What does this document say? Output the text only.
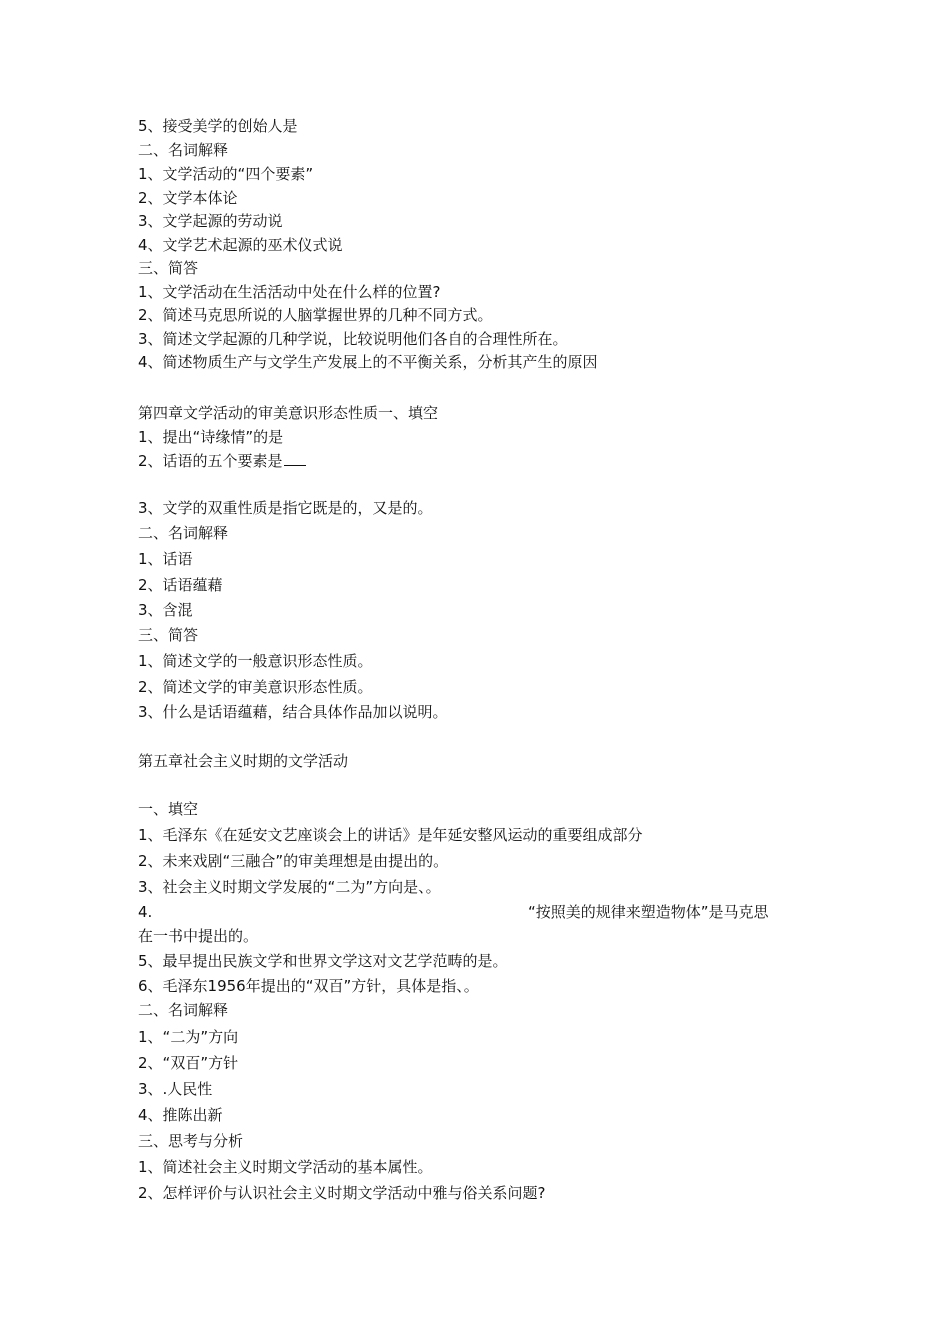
5、接受美学的创始人是

二、名词解释

1、文学活动的“四个要素”

2、文学本体论

3、文学起源的劳动说

4、文学艺术起源的巫术仪式说

三、简答

1、文学活动在生活活动中处在什么样的位置?

2、简述马克思所说的人脑掌握世界的几种不同方式。

3、简述文学起源的几种学说，比较说明他们各自的合理性所在。

4、简述物质生产与文学生产发展上的不平衡关系，分析其产生的原因

第四章文学活动的审美意识形态性质一、填空

1、提出“诗缘情”的是

2、话语的五个要素是

3、文学的双重性质是指它既是的，又是的。

二、名词解释

1、话语

2、话语蕴藉

3、含混

三、简答

1、简述文学的一般意识形态性质。

2、简述文学的审美意识形态性质。

3、什么是话语蕴藉，结合具体作品加以说明。

第五章社会主义时期的文学活动

一、填空

1、毛泽东《在延安文艺座谈会上的讲话》是年延安整风运动的重要组成部分

2、未来戏剧“三融合”的审美理想是由提出的。

3、社会主义时期文学发展的“二为”方向是、。

4.	“按照美的规律来塑造物体”是马克思

在一书中提出的。

5、最早提出民族文学和世界文学这对文艺学范畴的是。

6、毛泽东1956年提出的“双百”方针，具体是指、。

二、名词解释

1、“二为”方向

2、“双百”方针

3、.人民性

4、推陈出新

三、思考与分析

1、简述社会主义时期文学活动的基本属性。

2、怎样评价与认识社会主义时期文学活动中雅与俗关系问题?
